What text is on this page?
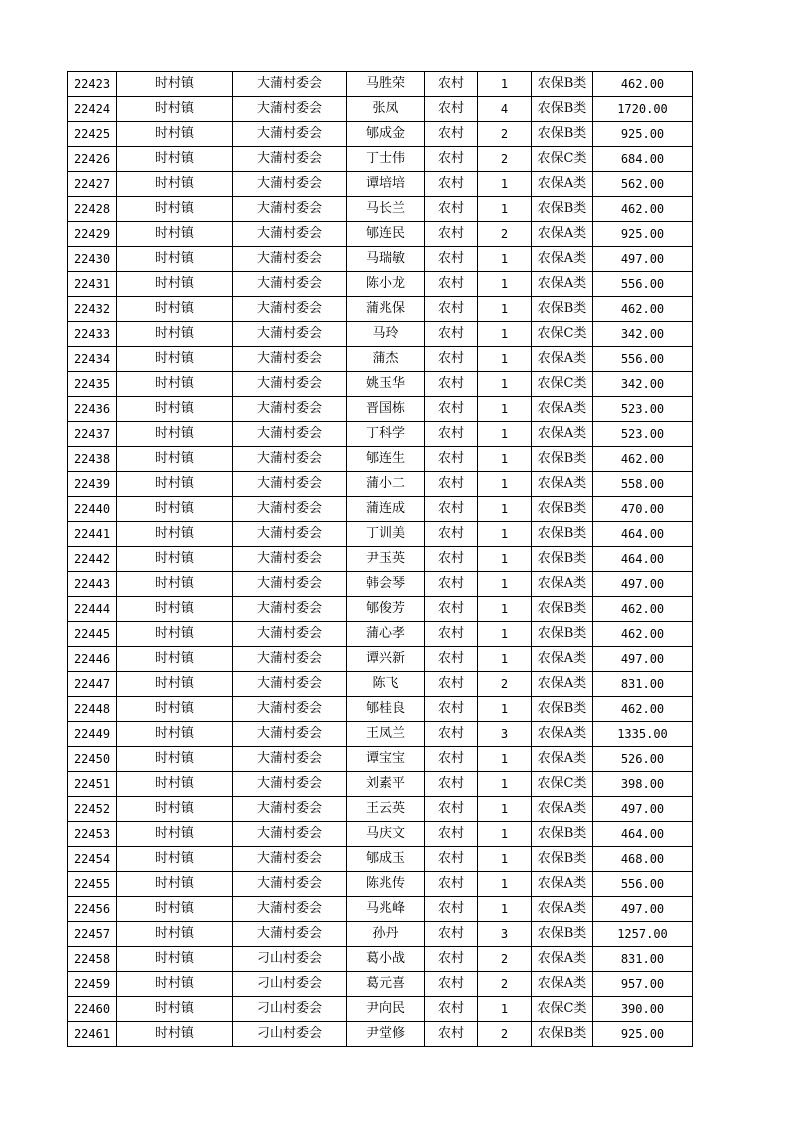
22423	时村镇	大蒲村委会	马胜荣	农村	1	农保B类	462.00
22424	时村镇	大蒲村委会	张凤	农村	4	农保B类	1720.00
22425	时村镇	大蒲村委会	郇成金	农村	2	农保B类	925.00
22426	时村镇	大蒲村委会	丁士伟	农村	2	农保C类	684.00
22427	时村镇	大蒲村委会	谭培培	农村	1	农保A类	562.00
22428	时村镇	大蒲村委会	马长兰	农村	1	农保B类	462.00
22429	时村镇	大蒲村委会	郇连民	农村	2	农保A类	925.00
22430	时村镇	大蒲村委会	马瑞敏	农村	1	农保A类	497.00
22431	时村镇	大蒲村委会	陈小龙	农村	1	农保A类	556.00
22432	时村镇	大蒲村委会	蒲兆保	农村	1	农保B类	462.00
22433	时村镇	大蒲村委会	马玲	农村	1	农保C类	342.00
22434	时村镇	大蒲村委会	蒲杰	农村	1	农保A类	556.00
22435	时村镇	大蒲村委会	姚玉华	农村	1	农保C类	342.00
22436	时村镇	大蒲村委会	晋国栋	农村	1	农保A类	523.00
22437	时村镇	大蒲村委会	丁科学	农村	1	农保A类	523.00
22438	时村镇	大蒲村委会	郇连生	农村	1	农保B类	462.00
22439	时村镇	大蒲村委会	蒲小二	农村	1	农保A类	558.00
22440	时村镇	大蒲村委会	蒲连成	农村	1	农保B类	470.00
22441	时村镇	大蒲村委会	丁训美	农村	1	农保B类	464.00
22442	时村镇	大蒲村委会	尹玉英	农村	1	农保B类	464.00
22443	时村镇	大蒲村委会	韩会琴	农村	1	农保A类	497.00
22444	时村镇	大蒲村委会	郇俊芳	农村	1	农保B类	462.00
22445	时村镇	大蒲村委会	蒲心孝	农村	1	农保B类	462.00
22446	时村镇	大蒲村委会	谭兴新	农村	1	农保A类	497.00
22447	时村镇	大蒲村委会	陈飞	农村	2	农保A类	831.00
22448	时村镇	大蒲村委会	郇桂良	农村	1	农保B类	462.00
22449	时村镇	大蒲村委会	王凤兰	农村	3	农保A类	1335.00
22450	时村镇	大蒲村委会	谭宝宝	农村	1	农保A类	526.00
22451	时村镇	大蒲村委会	刘素平	农村	1	农保C类	398.00
22452	时村镇	大蒲村委会	王云英	农村	1	农保A类	497.00
22453	时村镇	大蒲村委会	马庆文	农村	1	农保B类	464.00
22454	时村镇	大蒲村委会	郇成玉	农村	1	农保B类	468.00
22455	时村镇	大蒲村委会	陈兆传	农村	1	农保A类	556.00
22456	时村镇	大蒲村委会	马兆峰	农村	1	农保A类	497.00
22457	时村镇	大蒲村委会	孙丹	农村	3	农保B类	1257.00
22458	时村镇	刁山村委会	葛小战	农村	2	农保A类	831.00
22459	时村镇	刁山村委会	葛元喜	农村	2	农保A类	957.00
22460	时村镇	刁山村委会	尹向民	农村	1	农保C类	390.00
22461	时村镇	刁山村委会	尹堂修	农村	2	农保B类	925.00
